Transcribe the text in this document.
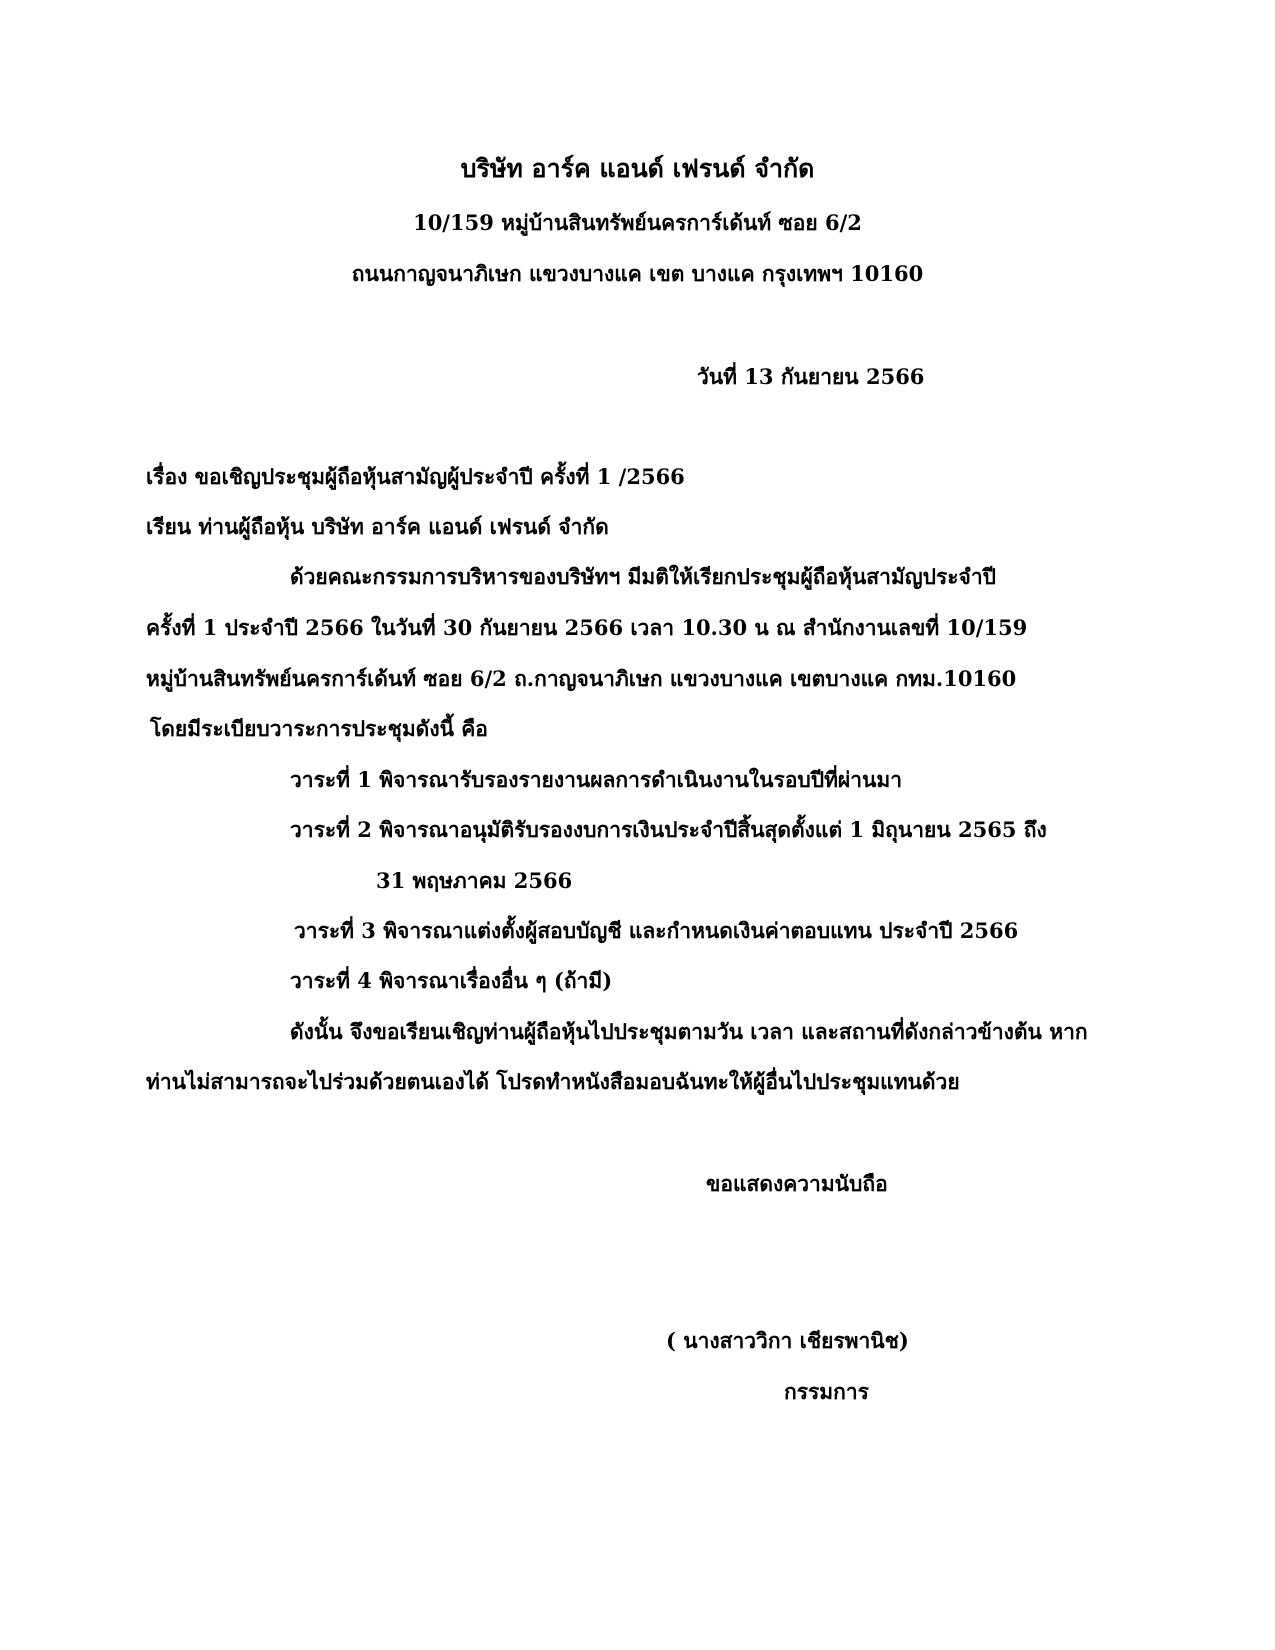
บริษัท อาร์ค แอนด์ เฟรนด์ จำกัด

10/159 หมู่บ้านสินทรัพย์นครการ์เด้นท์ ซอย 6/2

ถนนกาญจนาภิเษก แขวงบางแค เขต บางแค กรุงเทพฯ 10160

วันที่ 13 กันยายน 2566

เรื่อง ขอเชิญประชุมผู้ถือหุ้นสามัญผู้ประจำปี ครั้งที่ 1 /2566

เรียน ท่านผู้ถือหุ้น บริษัท อาร์ค แอนด์ เฟรนด์ จำกัด

ด้วยคณะกรรมการบริหารของบริษัทฯ มีมติให้เรียกประชุมผู้ถือหุ้นสามัญประจำปี

ครั้งที่ 1 ประจำปี 2566 ในวันที่ 30 กันยายน 2566 เวลา 10.30 น ณ สำนักงานเลขที่ 10/159

หมู่บ้านสินทรัพย์นครการ์เด้นท์ ซอย 6/2 ถ.กาญจนาภิเษก แขวงบางแค เขตบางแค กทม.10160

โดยมีระเบียบวาระการประชุมดังนี้ คือ

วาระที่ 1 พิจารณารับรองรายงานผลการดำเนินงานในรอบปีที่ผ่านมา

วาระที่ 2 พิจารณาอนุมัติรับรองงบการเงินประจำปีสิ้นสุดตั้งแต่ 1 มิถุนายน 2565 ถึง

31 พฤษภาคม 2566

วาระที่ 3 พิจารณาแต่งตั้งผู้สอบบัญชี และกำหนดเงินค่าตอบแทน ประจำปี 2566

วาระที่ 4 พิจารณาเรื่องอื่น ๆ (ถ้ามี)

ดังนั้น จึงขอเรียนเชิญท่านผู้ถือหุ้นไปประชุมตามวัน เวลา และสถานที่ดังกล่าวข้างต้น หาก

ท่านไม่สามารถจะไปร่วมด้วยตนเองได้ โปรดทำหนังสือมอบฉันทะให้ผู้อื่นไปประชุมแทนด้วย

ขอแสดงความนับถือ

( นางสาววิกา เชียรพานิช)

กรรมการ
